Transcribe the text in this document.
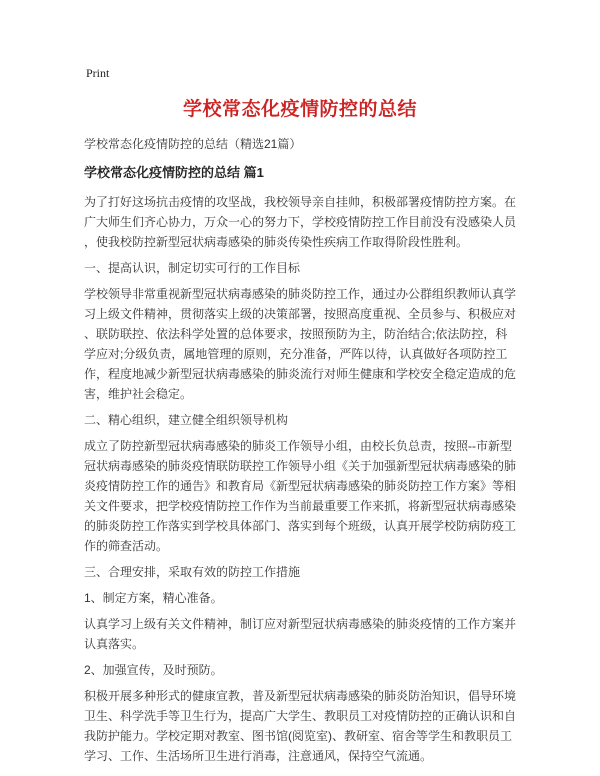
Print
学校常态化疫情防控的总结
学校常态化疫情防控的总结（精选21篇）
学校常态化疫情防控的总结 篇1

为了打好这场抗击疫情的攻坚战，我校领导亲自挂帅，积极部署疫情防控方案。在广大师生们齐心协力，万众一心的努力下，学校疫情防控工作目前没有没感染人员，使我校防控新型冠状病毒感染的肺炎传染性疾病工作取得阶段性胜利。

一、提高认识，制定切实可行的工作目标

学校领导非常重视新型冠状病毒感染的肺炎防控工作，通过办公群组织教师认真学习上级文件精神，贯彻落实上级的决策部署，按照高度重视、全员参与、积极应对、联防联控、依法科学处置的总体要求，按照预防为主，防治结合;依法防控，科学应对;分级负责，属地管理的原则，充分准备，严阵以待，认真做好各项防控工作，程度地减少新型冠状病毒感染的肺炎流行对师生健康和学校安全稳定造成的危害，维护社会稳定。

二、精心组织，建立健全组织领导机构

成立了防控新型冠状病毒感染的肺炎工作领导小组，由校长负总责，按照--市新型冠状病毒感染的肺炎疫情联防联控工作领导小组《关于加强新型冠状病毒感染的肺炎疫情防控工作的通告》和教育局《新型冠状病毒感染的肺炎防控工作方案》等相关文件要求，把学校疫情防控工作作为当前最重要工作来抓，将新型冠状病毒感染的肺炎防控工作落实到学校具体部门、落实到每个班级，认真开展学校防病防疫工作的筛查活动。

三、合理安排，采取有效的防控工作措施

1、制定方案，精心准备。

认真学习上级有关文件精神，制订应对新型冠状病毒感染的肺炎疫情的工作方案并认真落实。

2、加强宣传，及时预防。

积极开展多种形式的健康宣教，普及新型冠状病毒感染的肺炎防治知识，倡导环境卫生、科学洗手等卫生行为，提高广大学生、教职员工对疫情防控的正确认识和自我防护能力。学校定期对教室、图书馆(阅览室)、教研室、宿舍等学生和教职员工学习、工作、生活场所卫生进行消毒，注意通风，保持空气流通。
